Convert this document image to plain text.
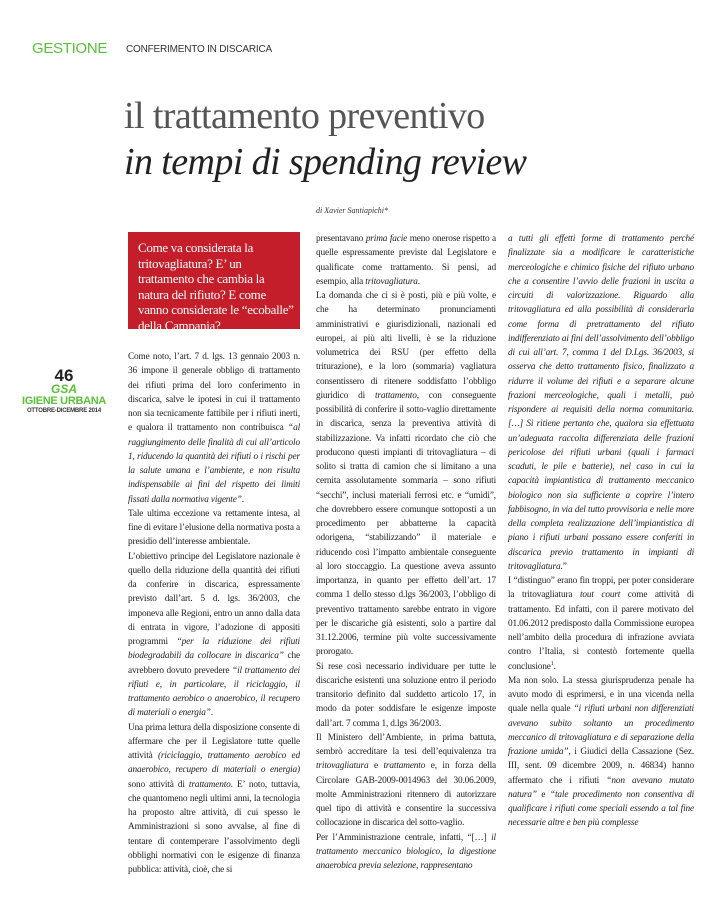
GESTIONE CONFERIMENTO IN DISCARICA
il trattamento preventivo
in tempi di spending review
di Xavier Santiapichi*
Come va considerata la tritovagliatura? E’ un trattamento che cambia la natura del rifiuto? E come vanno considerate le “ecoballe” della Campania?
46
GSA
IGIENE URBANA
OTTOBRE-DICEMBRE 2014

Come noto, l’art. 7 d. lgs. 13 gennaio 2003 n. 36 impone il generale obbligo di trattamento dei rifiuti prima del loro conferimento in discarica, salve le ipotesi in cui il trattamento non sia tecnicamente fattibile per i rifiuti inerti, e qualora il trattamento non contribuisca “al raggiungimento delle finalità di cui all’articolo 1, riducendo la quantità dei rifiuti o i rischi per la salute umana e l’ambiente, e non risulta indispensabile ai fini del rispetto dei limiti fissati dalla normativa vigente”.

Tale ultima eccezione va rettamente intesa, al fine di evitare l’elusione della normativa posta a presidio dell’interesse ambientale.

L’obiettivo principe del Legislatore nazionale è quello della riduzione della quantità dei rifiuti da conferire in discarica, espressamente previsto dall’art. 5 d. lgs. 36/2003, che imponeva alle Regioni, entro un anno dalla data di entrata in vigore, l’adozione di appositi programmi “per la riduzione dei rifiuti biodegradabili da collocare in discarica” che avrebbero dovuto prevedere “il trattamento dei rifiuti e, in particolare, il riciclaggio, il trattamento aerobico o anaerobico, il recupero di materiali o energia”.

Una prima lettura della disposizione consente di affermare che per il Legislatore tutte quelle attività (riciclaggio, trattamento aerobico ed anaerobico, recupero di materiali o energia) sono attività di trattamento. E’ noto, tuttavia, che quantomeno negli ultimi anni, la tecnologia ha proposto altre attività, di cui spesso le Amministrazioni si sono avvalse, al fine di tentare di contemperare l’assolvimento degli obblighi normativi con le esigenze di finanza pubblica: attività, cioè, che si

presentavano prima facie meno onerose rispetto a quelle espressamente previste dal Legislatore e qualificate come trattamento. Si pensi, ad esempio, alla tritovagliatura.

La domanda che ci si è posti, più e più volte, e che ha determinato pronunciamenti amministrativi e giurisdizionali, nazionali ed europei, ai più alti livelli, è se la riduzione volumetrica dei RSU (per effetto della triturazione), e la loro (sommaria) vagliatura consentissero di ritenere soddisfatto l’obbligo giuridico di trattamento, con conseguente possibilità di conferire il sotto-vaglio direttamente in discarica, senza la preventiva attività di stabilizzazione. Va infatti ricordato che ciò che producono questi impianti di tritovagliatura – di solito si tratta di camion che si limitano a una cernita assolutamente sommaria – sono rifiuti “secchi”, inclusi materiali ferrosi etc. e “umidi”, che dovrebbero essere comunque sottoposti a un procedimento per abbatterne la capacità odorigena, “stabilizzando” il materiale e riducendo così l’impatto ambientale conseguente al loro stoccaggio. La questione aveva assunto importanza, in quanto per effetto dell’art. 17 comma 1 dello stesso d.lgs 36/2003, l’obbligo di preventivo trattamento sarebbe entrato in vigore per le discariche già esistenti, solo a partire dal 31.12.2006, termine più volte successivamente prorogato.

Si rese così necessario individuare per tutte le discariche esistenti una soluzione entro il periodo transitorio definito dal suddetto articolo 17, in modo da poter soddisfare le esigenze imposte dall’art. 7 comma 1, d.lgs 36/2003.

Il Ministero dell’Ambiente, in prima battuta, sembrò accreditare la tesi dell’equivalenza tra tritovagliatura e trattamento e, in forza della Circolare GAB-2009-0014963 del 30.06.2009, molte Amministrazioni ritennero di autorizzare quel tipo di attività e consentire la successiva collocazione in discarica del sotto-vaglio.

Per l’Amministrazione centrale, infatti, “[…] il trattamento meccanico biologico, la digestione anaerobica previa selezione, rappresentano

a tutti gli effetti forme di trattamento perché finalizzate sia a modificare le caratteristiche merceologiche e chimico fisiche del rifiuto urbano che a consentire l’avvio delle frazioni in uscita a circuiti di valorizzazione. Riguardo alla tritovagliatura ed alla possibilità di considerarla come forma di pretrattamento del rifiuto indifferenziato ai fini dell’assolvimento dell’obbligo di cui all’art. 7, comma 1 del D.Lgs. 36/2003, si osserva che detto trattamento fisico, finalizzato a ridurre il volume dei rifiuti e a separare alcune frazioni merceologiche, quali i metalli, può rispondere ai requisiti della norma comunitaria.[…] Si ritiene pertanto che, qualora sia effettuata un’adeguata raccolta differenziata delle frazioni pericolose dei rifiuti urbani (quali i farmaci scaduti, le pile e batterie), nel caso in cui la capacità impiantistica di trattamento meccanico biologico non sia sufficiente a coprire l’intero fabbisogno, in via del tutto provvisoria e nelle more della completa realizzazione dell’impiantistica di piano i rifiuti urbani possano essere conferiti in discarica previo trattamento in impianti di tritovagliatura.”

I “distinguo” erano fin troppi, per poter considerare la tritovagliatura tout court come attività di trattamento. Ed infatti, con il parere motivato del 01.06.2012 predisposto dalla Commissione europea nell’ambito della procedura di infrazione avviata contro l’Italia, si contestò fortemente quella conclusione$^1$.

Ma non solo. La stessa giurisprudenza penale ha avuto modo di esprimersi, e in una vicenda nella quale nella quale “i rifiuti urbani non differenziati avevano subito soltanto un procedimento meccanico di tritovagliatura e di separazione della frazione umida”, i Giudici della Cassazione (Sez. III, sent. 09 dicembre 2009, n. 46834) hanno affermato che i rifiuti “non avevano mutato natura” e “tale procedimento non consentiva di qualificare i rifiuti come speciali essendo a tal fine necessarie altre e ben più complesse
